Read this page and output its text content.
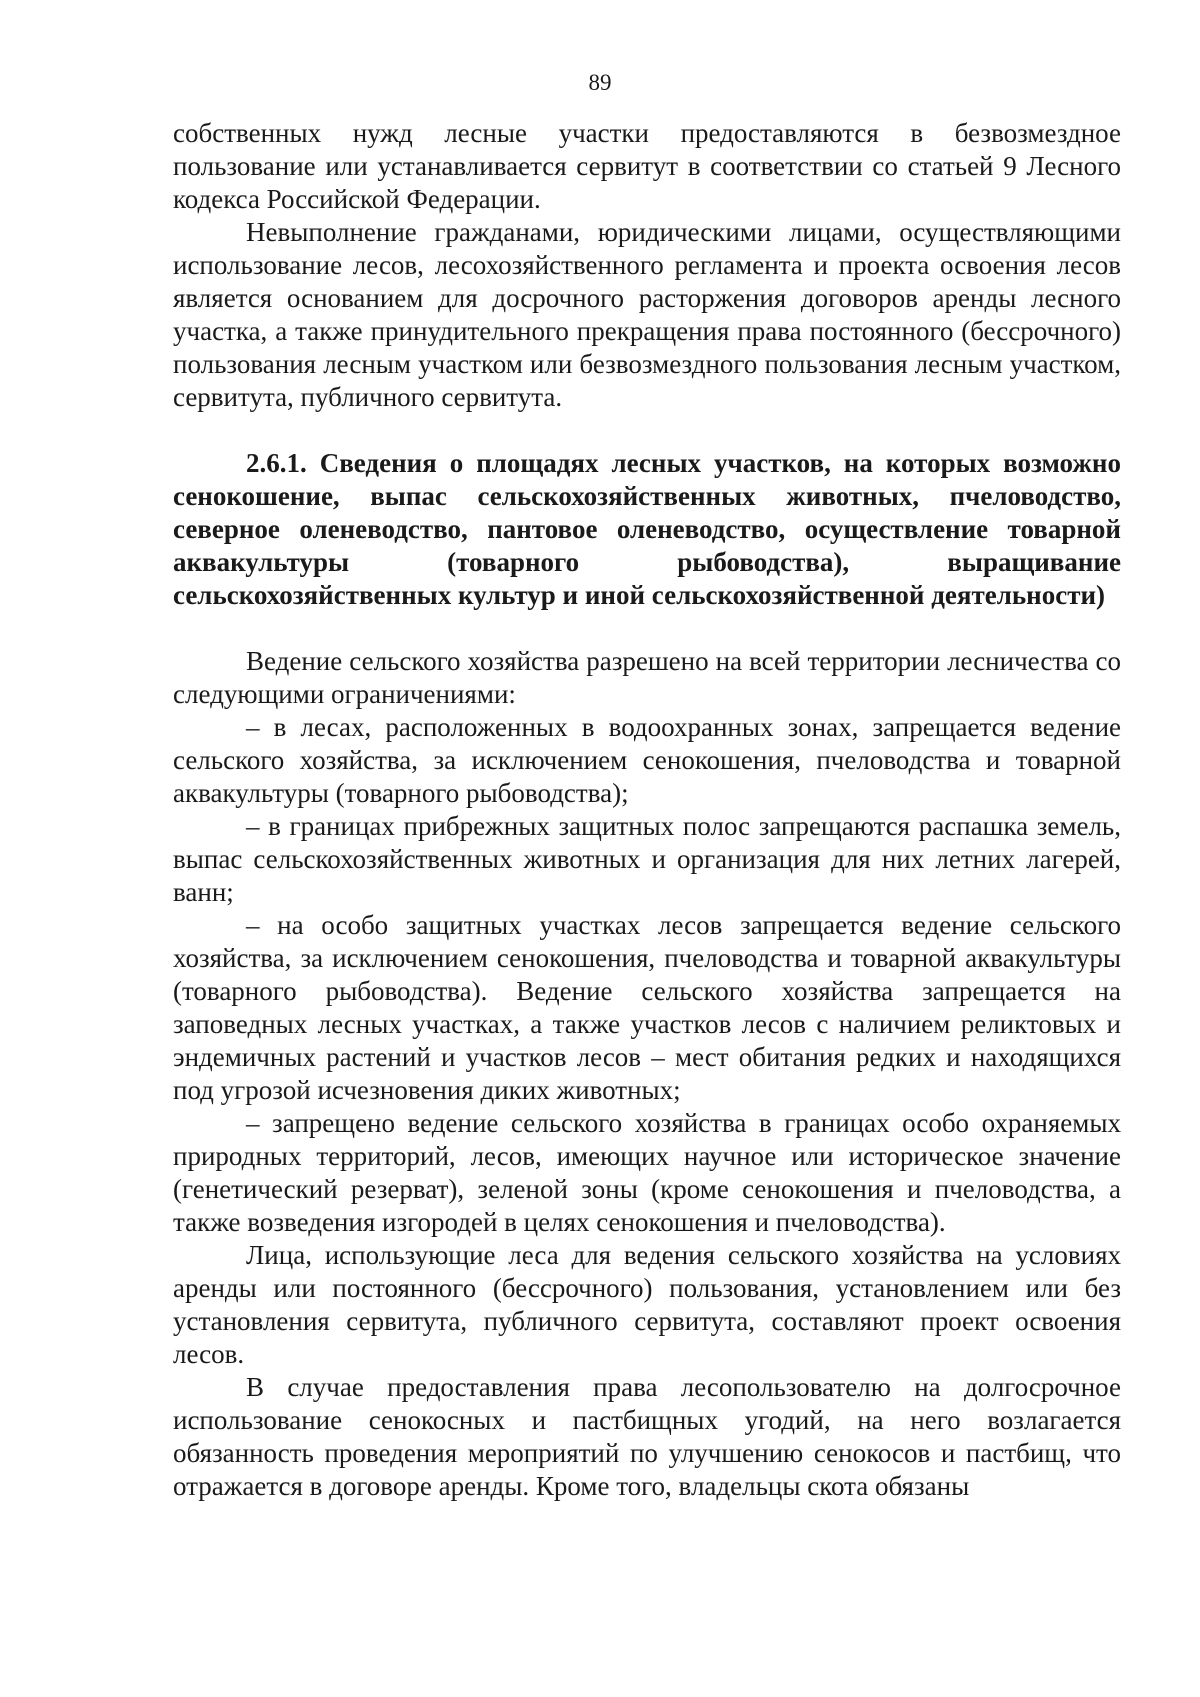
89

собственных нужд лесные участки предоставляются в безвозмездное пользование или устанавливается сервитут в соответствии со статьей 9 Лесного кодекса Российской Федерации.

Невыполнение гражданами, юридическими лицами, осуществляющими использование лесов, лесохозяйственного регламента и проекта освоения лесов является основанием для досрочного расторжения договоров аренды лесного участка, а также принудительного прекращения права постоянного (бессрочного) пользования лесным участком или безвозмездного пользования лесным участком, сервитута, публичного сервитута.

2.6.1. Сведения о площадях лесных участков, на которых возможно сенокошение, выпас сельскохозяйственных животных, пчеловодство, северное оленеводство, пантовое оленеводство, осуществление товарной аквакультуры (товарного рыбоводства), выращивание сельскохозяйственных культур и иной сельскохозяйственной деятельности)

Ведение сельского хозяйства разрешено на всей территории лесничества со следующими ограничениями:

– в лесах, расположенных в водоохранных зонах, запрещается ведение сельского хозяйства, за исключением сенокошения, пчеловодства и товарной аквакультуры (товарного рыбоводства);

– в границах прибрежных защитных полос запрещаются распашка земель, выпас сельскохозяйственных животных и организация для них летних лагерей, ванн;

– на особо защитных участках лесов запрещается ведение сельского хозяйства, за исключением сенокошения, пчеловодства и товарной аквакультуры (товарного рыбоводства). Ведение сельского хозяйства запрещается на заповедных лесных участках, а также участков лесов с наличием реликтовых и эндемичных растений и участков лесов – мест обитания редких и находящихся под угрозой исчезновения диких животных;

– запрещено ведение сельского хозяйства в границах особо охраняемых природных территорий, лесов, имеющих научное или историческое значение (генетический резерват), зеленой зоны (кроме сенокошения и пчеловодства, а также возведения изгородей в целях сенокошения и пчеловодства).

Лица, использующие леса для ведения сельского хозяйства на условиях аренды или постоянного (бессрочного) пользования, установлением или без установления сервитута, публичного сервитута, составляют проект освоения лесов.

В случае предоставления права лесопользователю на долгосрочное использование сенокосных и пастбищных угодий, на него возлагается обязанность проведения мероприятий по улучшению сенокосов и пастбищ, что отражается в договоре аренды. Кроме того, владельцы скота обязаны
